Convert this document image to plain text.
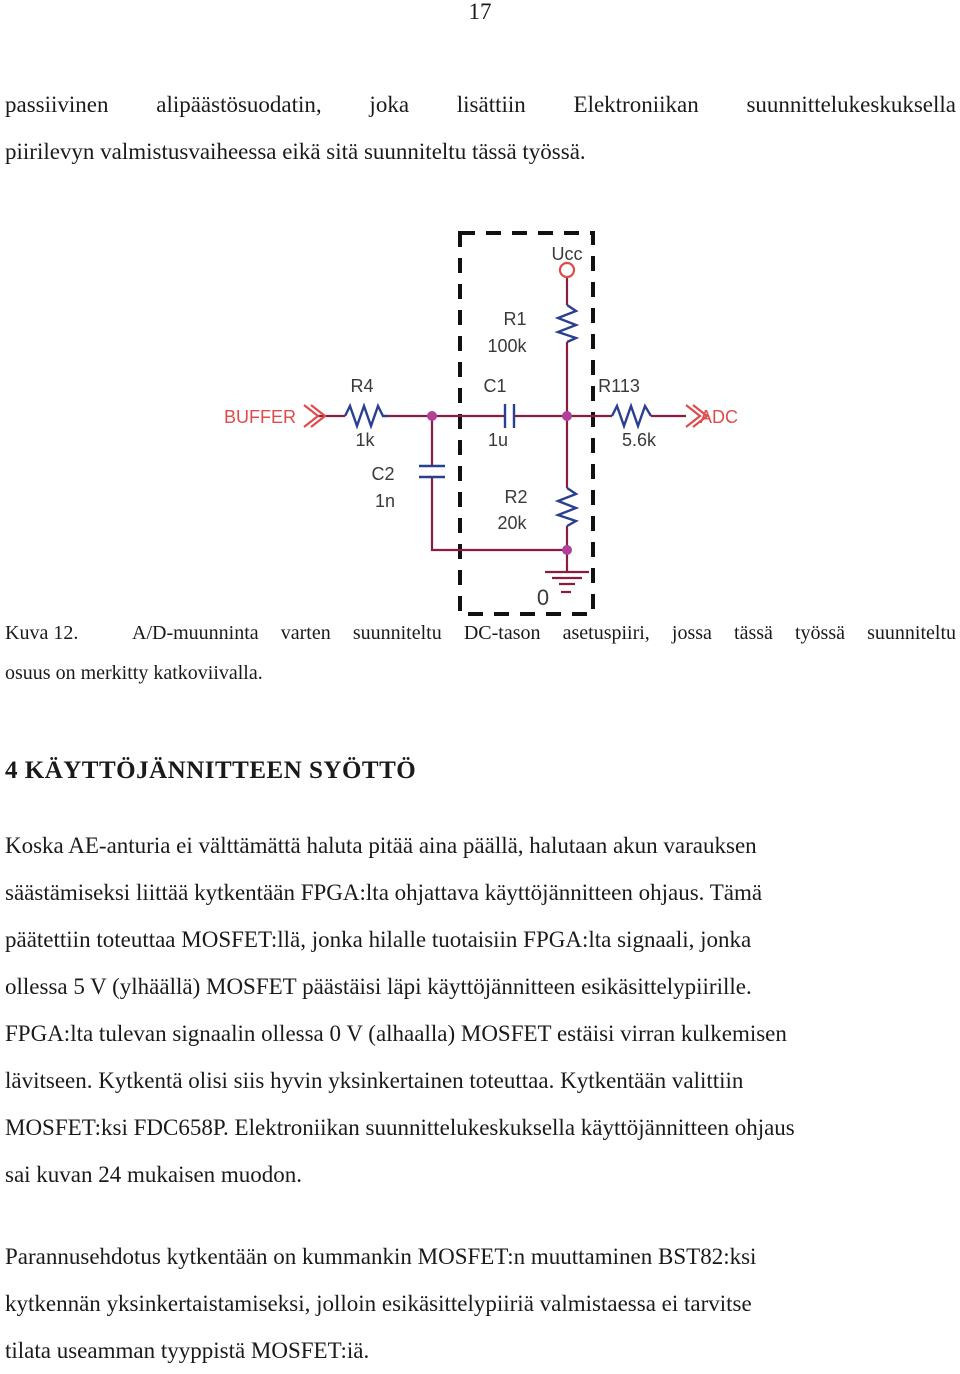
17
passiivinen alipäästösuodatin, joka lisättiin Elektroniikan suunnittelukeskuksella
piirilevyn valmistusvaiheessa eikä sitä suunniteltu tässä työssä.
Ucc
R1
100k
R4
1k
C1
1u
R113
5.6k
BUFFER	ADC
C2
1n	R2
20k
0
Kuva 12.	A/D-muunninta varten suunniteltu DC-tason asetuspiiri, jossa tässä työssä suunniteltu
osuus on merkitty katkoviivalla.
4 KÄYTTÖJÄNNITTEEN SYÖTTÖ
Koska AE-anturia ei välttämättä haluta pitää aina päällä, halutaan akun varauksen
säästämiseksi liittää kytkentään FPGA:lta ohjattava käyttöjännitteen ohjaus. Tämä
päätettiin toteuttaa MOSFET:llä, jonka hilalle tuotaisiin FPGA:lta signaali, jonka
ollessa 5 V (ylhäällä) MOSFET päästäisi läpi käyttöjännitteen esikäsittelypiirille.
FPGA:lta tulevan signaalin ollessa 0 V (alhaalla) MOSFET estäisi virran kulkemisen
lävitseen. Kytkentä olisi siis hyvin yksinkertainen toteuttaa. Kytkentään valittiin
MOSFET:ksi FDC658P. Elektroniikan suunnittelukeskuksella käyttöjännitteen ohjaus
sai kuvan 24 mukaisen muodon.
Parannusehdotus kytkentään on kummankin MOSFET:n muuttaminen BST82:ksi
kytkennän yksinkertaistamiseksi, jolloin esikäsittelypiiriä valmistaessa ei tarvitse
tilata useamman tyyppistä MOSFET:iä.
